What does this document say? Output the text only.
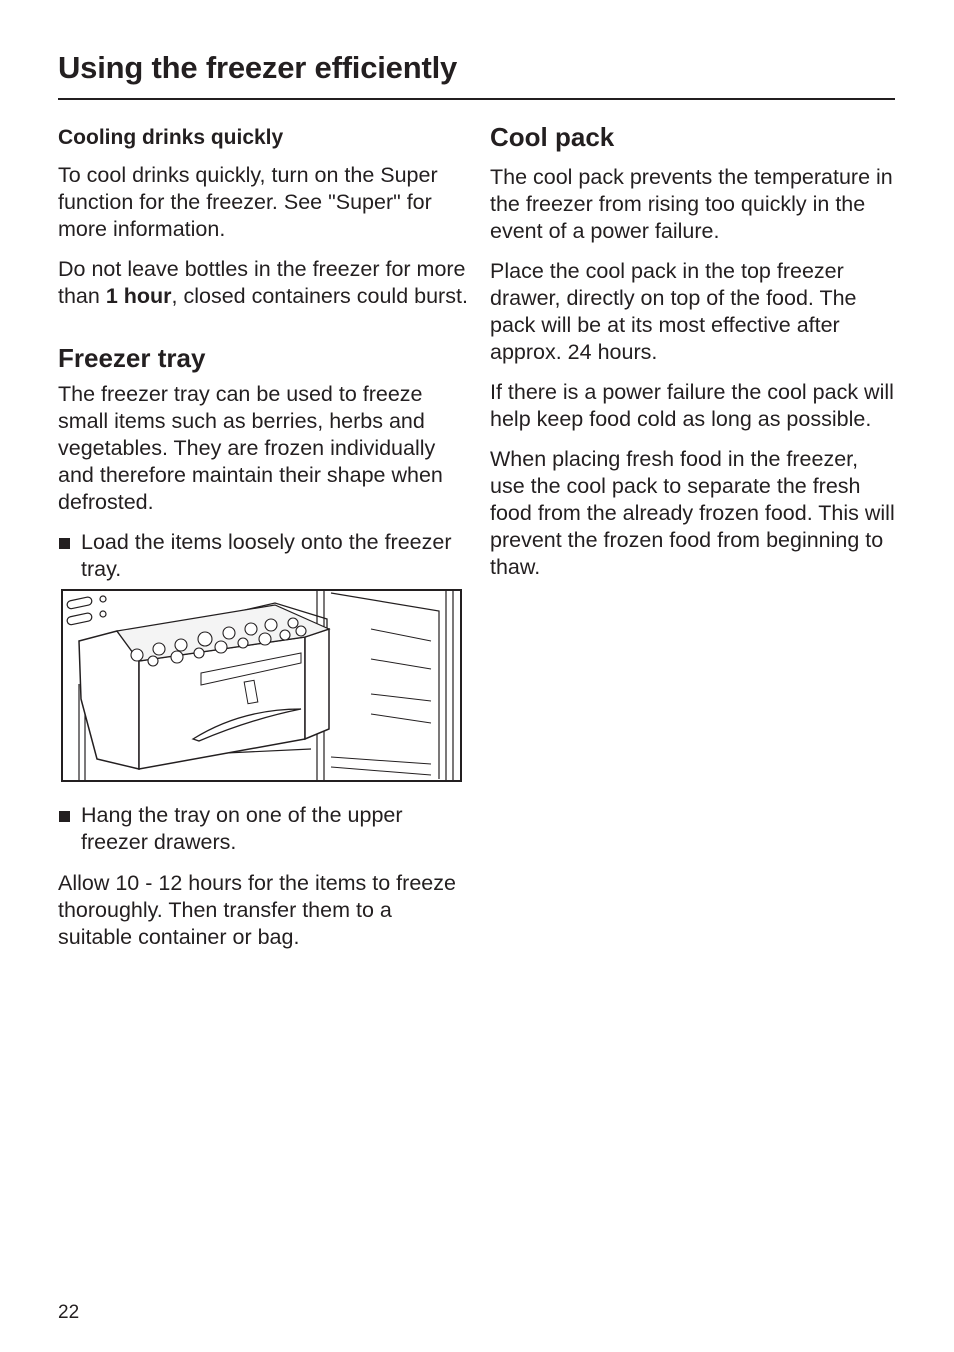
Using the freezer efficiently
Cooling drinks quickly

To cool drinks quickly, turn on the Super function for the freezer. See "Super" for more information.

Do not leave bottles in the freezer for more than 1 hour, closed containers could burst.

Freezer tray

The freezer tray can be used to freeze small items such as berries, herbs and vegetables. They are frozen individually and therefore maintain their shape when defrosted.

Load the items loosely onto the freezer tray.

Hang the tray on one of the upper freezer drawers.

Allow 10 - 12 hours for the items to freeze thoroughly. Then transfer them to a suitable container or bag.

Cool pack

The cool pack prevents the temperature in the freezer from rising too quickly in the event of a power failure.

Place the cool pack in the top freezer drawer, directly on top of the food. The pack will be at its most effective after approx. 24 hours.

If there is a power failure the cool pack will help keep food cold as long as possible.

When placing fresh food in the freezer, use the cool pack to separate the fresh food from the already frozen food. This will prevent the frozen food from beginning to thaw.

22
